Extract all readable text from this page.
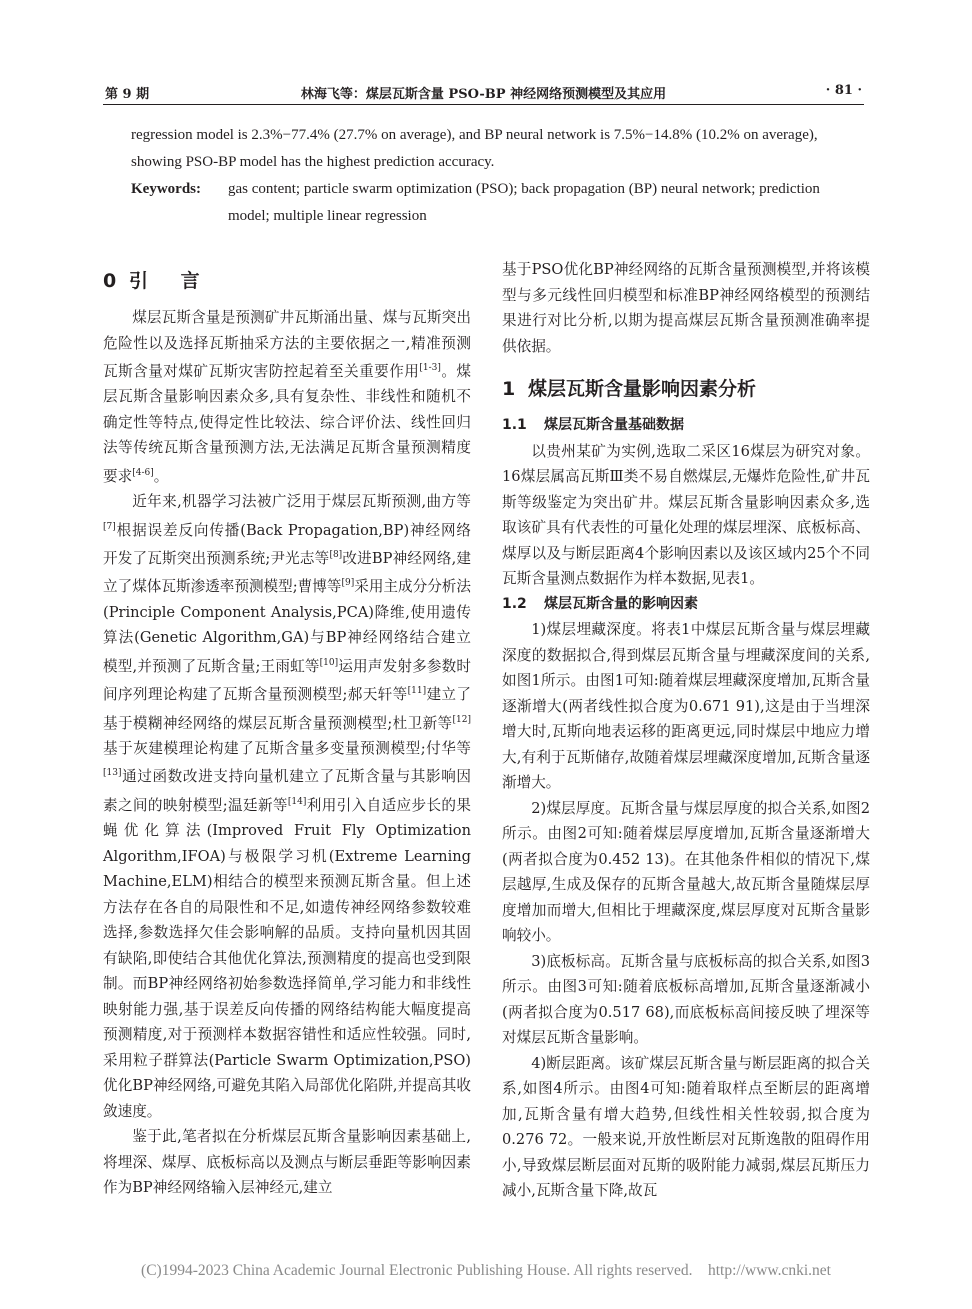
第 9 期	林海飞等：煤层瓦斯含量 PSO-BP 神经网络预测模型及其应用	· 81 ·

regression model is 2.3%−77.4% (27.7% on average), and BP neural network is 7.5%−14.8% (10.2% on average), showing PSO-BP model has the highest prediction accuracy.

Keywords:	gas content; particle swarm optimization (PSO); back propagation (BP) neural network; prediction model; multiple linear regression
0 引 言

煤层瓦斯含量是预测矿井瓦斯涌出量、煤与瓦斯突出危险性以及选择瓦斯抽采方法的主要依据之一,精准预测瓦斯含量对煤矿瓦斯灾害防控起着至关重要作用[1-3]。煤层瓦斯含量影响因素众多,具有复杂性、非线性和随机不确定性等特点,使得定性比较法、综合评价法、线性回归法等传统瓦斯含量预测方法,无法满足瓦斯含量预测精度要求[4-6]。

近年来,机器学习法被广泛用于煤层瓦斯预测,曲方等[7]根据误差反向传播(Back Propagation,BP)神经网络开发了瓦斯突出预测系统;尹光志等[8]改进BP神经网络,建立了煤体瓦斯渗透率预测模型;曹博等[9]采用主成分分析法(Principle Component Analysis,PCA)降维,使用遗传算法(Genetic Algorithm,GA)与BP神经网络结合建立模型,并预测了瓦斯含量;王雨虹等[10]运用声发射多参数时间序列理论构建了瓦斯含量预测模型;郝天轩等[11]建立了基于模糊神经网络的煤层瓦斯含量预测模型;杜卫新等[12]基于灰建模理论构建了瓦斯含量多变量预测模型;付华等[13]通过函数改进支持向量机建立了瓦斯含量与其影响因素之间的映射模型;温廷新等[14]利用引入自适应步长的果蝇优化算法(Improved Fruit Fly Optimization Algorithm,IFOA)与极限学习机(Extreme Learning Machine,ELM)相结合的模型来预测瓦斯含量。但上述方法存在各自的局限性和不足,如遗传神经网络参数较难选择,参数选择欠佳会影响解的品质。支持向量机因其固有缺陷,即使结合其他优化算法,预测精度的提高也受到限制。而BP神经网络初始参数选择简单,学习能力和非线性映射能力强,基于误差反向传播的网络结构能大幅度提高预测精度,对于预测样本数据容错性和适应性较强。同时,采用粒子群算法(Particle Swarm Optimization,PSO)优化BP神经网络,可避免其陷入局部优化陷阱,并提高其收敛速度。

鉴于此,笔者拟在分析煤层瓦斯含量影响因素基础上,将埋深、煤厚、底板标高以及测点与断层垂距等影响因素作为BP神经网络输入层神经元,建立

基于PSO优化BP神经网络的瓦斯含量预测模型,并将该模型与多元线性回归模型和标准BP神经网络模型的预测结果进行对比分析,以期为提高煤层瓦斯含量预测准确率提供依据。

1 煤层瓦斯含量影响因素分析
1.1 煤层瓦斯含量基础数据

以贵州某矿为实例,选取二采区16煤层为研究对象。16煤层属高瓦斯Ⅲ类不易自燃煤层,无爆炸危险性,矿井瓦斯等级鉴定为突出矿井。煤层瓦斯含量影响因素众多,选取该矿具有代表性的可量化处理的煤层埋深、底板标高、煤厚以及与断层距离4个影响因素以及该区域内25个不同瓦斯含量测点数据作为样本数据,见表1。

1.2 煤层瓦斯含量的影响因素

1)煤层埋藏深度。将表1中煤层瓦斯含量与煤层埋藏深度的数据拟合,得到煤层瓦斯含量与埋藏深度间的关系,如图1所示。由图1可知:随着煤层埋藏深度增加,瓦斯含量逐渐增大(两者线性拟合度为0.671 91),这是由于当埋深增大时,瓦斯向地表运移的距离更远,同时煤层中地应力增大,有利于瓦斯储存,故随着煤层埋藏深度增加,瓦斯含量逐渐增大。

2)煤层厚度。瓦斯含量与煤层厚度的拟合关系,如图2所示。由图2可知:随着煤层厚度增加,瓦斯含量逐渐增大(两者拟合度为0.452 13)。在其他条件相似的情况下,煤层越厚,生成及保存的瓦斯含量越大,故瓦斯含量随煤层厚度增加而增大,但相比于埋藏深度,煤层厚度对瓦斯含量影响较小。

3)底板标高。瓦斯含量与底板标高的拟合关系,如图3所示。由图3可知:随着底板标高增加,瓦斯含量逐渐减小(两者拟合度为0.517 68),而底板标高间接反映了埋深等对煤层瓦斯含量影响。

4)断层距离。该矿煤层瓦斯含量与断层距离的拟合关系,如图4所示。由图4可知:随着取样点至断层的距离增加,瓦斯含量有增大趋势,但线性相关性较弱,拟合度为0.276 72。一般来说,开放性断层对瓦斯逸散的阻碍作用小,导致煤层断层面对瓦斯的吸附能力减弱,煤层瓦斯压力减小,瓦斯含量下降,故瓦

(C)1994-2023 China Academic Journal Electronic Publishing House. All rights reserved. http://www.cnki.net
